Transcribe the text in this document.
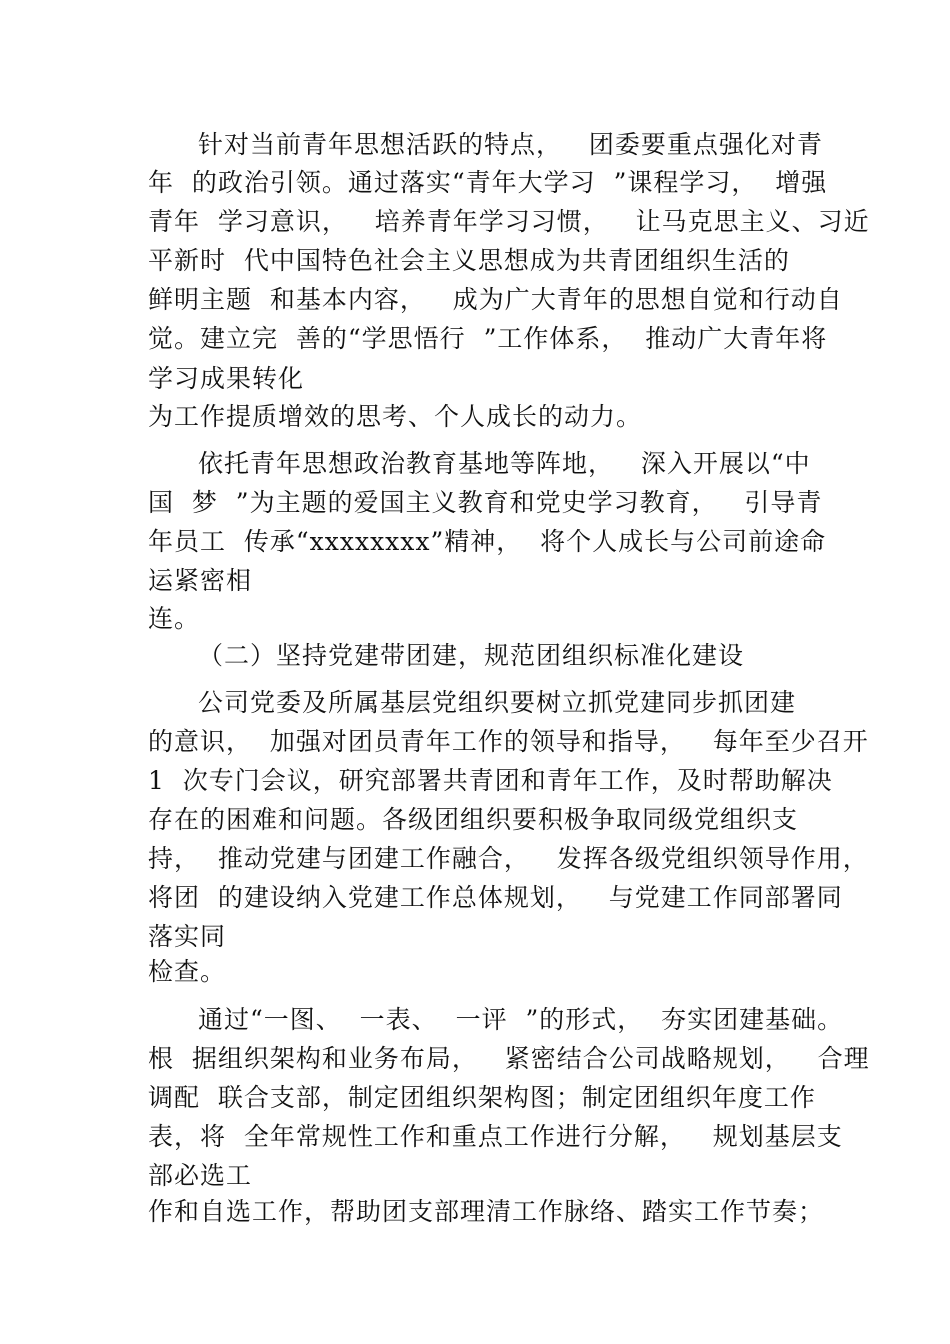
针对当前青年思想活跃的特点，   团委要重点强化对青
年  的政治引领。通过落实“青年大学习  ”课程学习，  增强
青年  学习意识，   培养青年学习习惯，   让马克思主义、习近
平新时  代中国特色社会主义思想成为共青团组织生活的
鲜明主题  和基本内容，   成为广大青年的思想自觉和行动自
觉。建立完  善的“学思悟行  ”工作体系，  推动广大青年将
学习成果转化
为工作提质增效的思考、个人成长的动力。
依托青年思想政治教育基地等阵地，   深入开展以“中
国  梦  ”为主题的爱国主义教育和党史学习教育，   引导青
年员工  传承“xxxxxxxx”精神，  将个人成长与公司前途命
运紧密相
连。
（二）坚持党建带团建，规范团组织标准化建设
公司党委及所属基层党组织要树立抓党建同步抓团建
的意识，  加强对团员青年工作的领导和指导，   每年至少召开
1  次专门会议，研究部署共青团和青年工作，及时帮助解决
存在的困难和问题。各级团组织要积极争取同级党组织支
持，  推动党建与团建工作融合，   发挥各级党组织领导作用，
将团  的建设纳入党建工作总体规划，   与党建工作同部署同
落实同
检查。
通过“一图、  一表、  一评  ”的形式，  夯实团建基础。
根  据组织架构和业务布局，   紧密结合公司战略规划，   合理
调配  联合支部，制定团组织架构图；制定团组织年度工作
表，将  全年常规性工作和重点工作进行分解，   规划基层支
部必选工
作和自选工作，帮助团支部理清工作脉络、踏实工作节奏；
